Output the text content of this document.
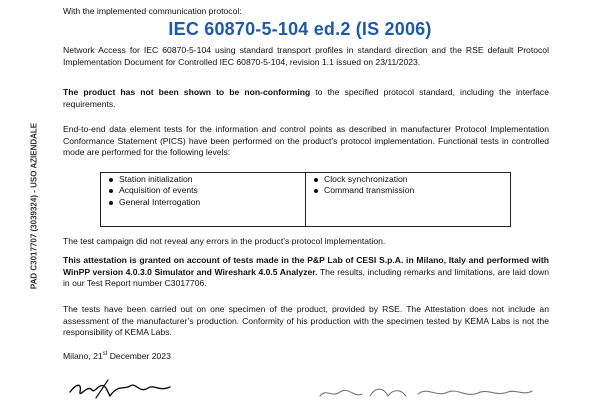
With the implemented communication protocol:
IEC 60870-5-104 ed.2 (IS 2006)
Network Access for IEC 60870-5-104 using standard transport profiles in standard direction and the RSE default Protocol Implementation Document for Controlled IEC 60870-5-104, revision 1.1 issued on 23/11/2023.
The product has not been shown to be non-conforming to the specified protocol standard, including the interface requirements.
End-to-end data element tests for the information and control points as described in manufacturer Protocol Implementation Conformance Statement (PICS) have been performed on the product’s protocol implementation. Functional tests in controlled mode are performed for the following levels:
Station initialization
Acquisition of events
General Interrogation
Clock synchronization
Command transmission
The test campaign did not reveal any errors in the product’s protocol implementation.
This attestation is granted on account of tests made in the P&P Lab of CESI S.p.A. in Milano, Italy and performed with WinPP version 4.0.3.0 Simulator and Wireshark 4.0.5 Analyzer. The results, including remarks and limitations, are laid down in our Test Report number C3017706.
The tests have been carried out on one specimen of the product, provided by RSE. The Attestation does not include an assessment of the manufacturer’s production. Conformity of his production with the specimen tested by KEMA Labs is not the responsibility of KEMA Labs.
Milano, 21st December 2023
PAD C3017707 (3039324) - USO AZIENDALE
